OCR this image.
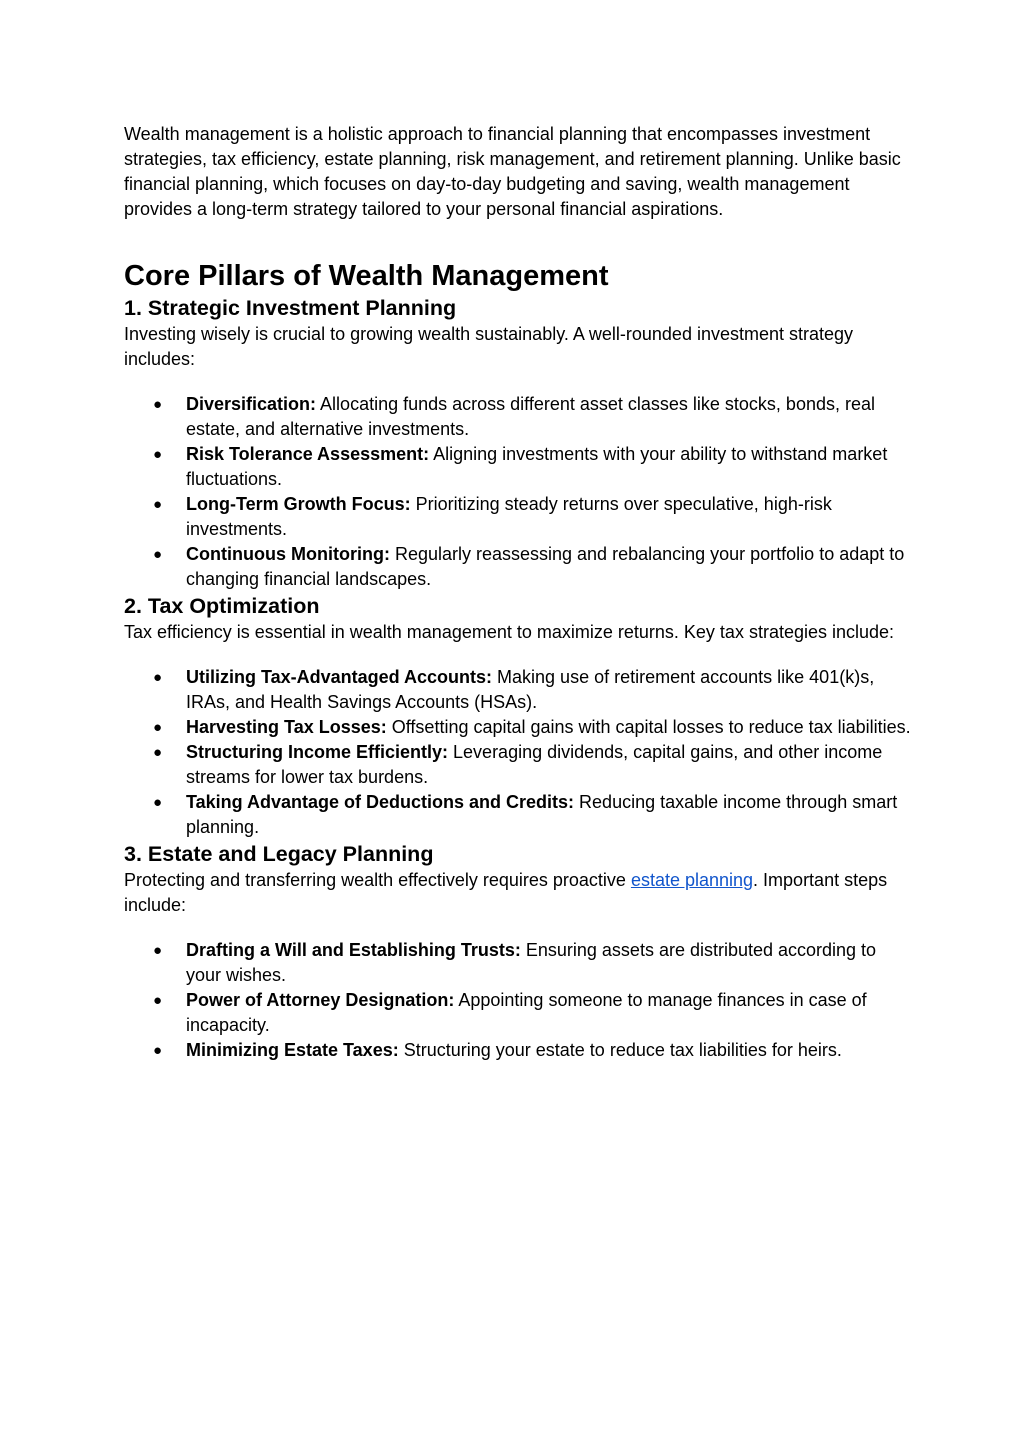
Wealth management is a holistic approach to financial planning that encompasses investment strategies, tax efficiency, estate planning, risk management, and retirement planning. Unlike basic financial planning, which focuses on day-to-day budgeting and saving, wealth management provides a long-term strategy tailored to your personal financial aspirations.

Core Pillars of Wealth Management
1. Strategic Investment Planning

Investing wisely is crucial to growing wealth sustainably. A well-rounded investment strategy includes:

● Diversification: Allocating funds across different asset classes like stocks, bonds, real estate, and alternative investments.
● Risk Tolerance Assessment: Aligning investments with your ability to withstand market fluctuations.
● Long-Term Growth Focus: Prioritizing steady returns over speculative, high-risk investments.
● Continuous Monitoring: Regularly reassessing and rebalancing your portfolio to adapt to changing financial landscapes.
2. Tax Optimization

Tax efficiency is essential in wealth management to maximize returns. Key tax strategies include:

● Utilizing Tax-Advantaged Accounts: Making use of retirement accounts like 401(k)s, IRAs, and Health Savings Accounts (HSAs).
● Harvesting Tax Losses: Offsetting capital gains with capital losses to reduce tax liabilities.
● Structuring Income Efficiently: Leveraging dividends, capital gains, and other income streams for lower tax burdens.
● Taking Advantage of Deductions and Credits: Reducing taxable income through smart planning.
3. Estate and Legacy Planning

Protecting and transferring wealth effectively requires proactive estate planning. Important steps include:

● Drafting a Will and Establishing Trusts: Ensuring assets are distributed according to your wishes.
● Power of Attorney Designation: Appointing someone to manage finances in case of incapacity.
● Minimizing Estate Taxes: Structuring your estate to reduce tax liabilities for heirs.
